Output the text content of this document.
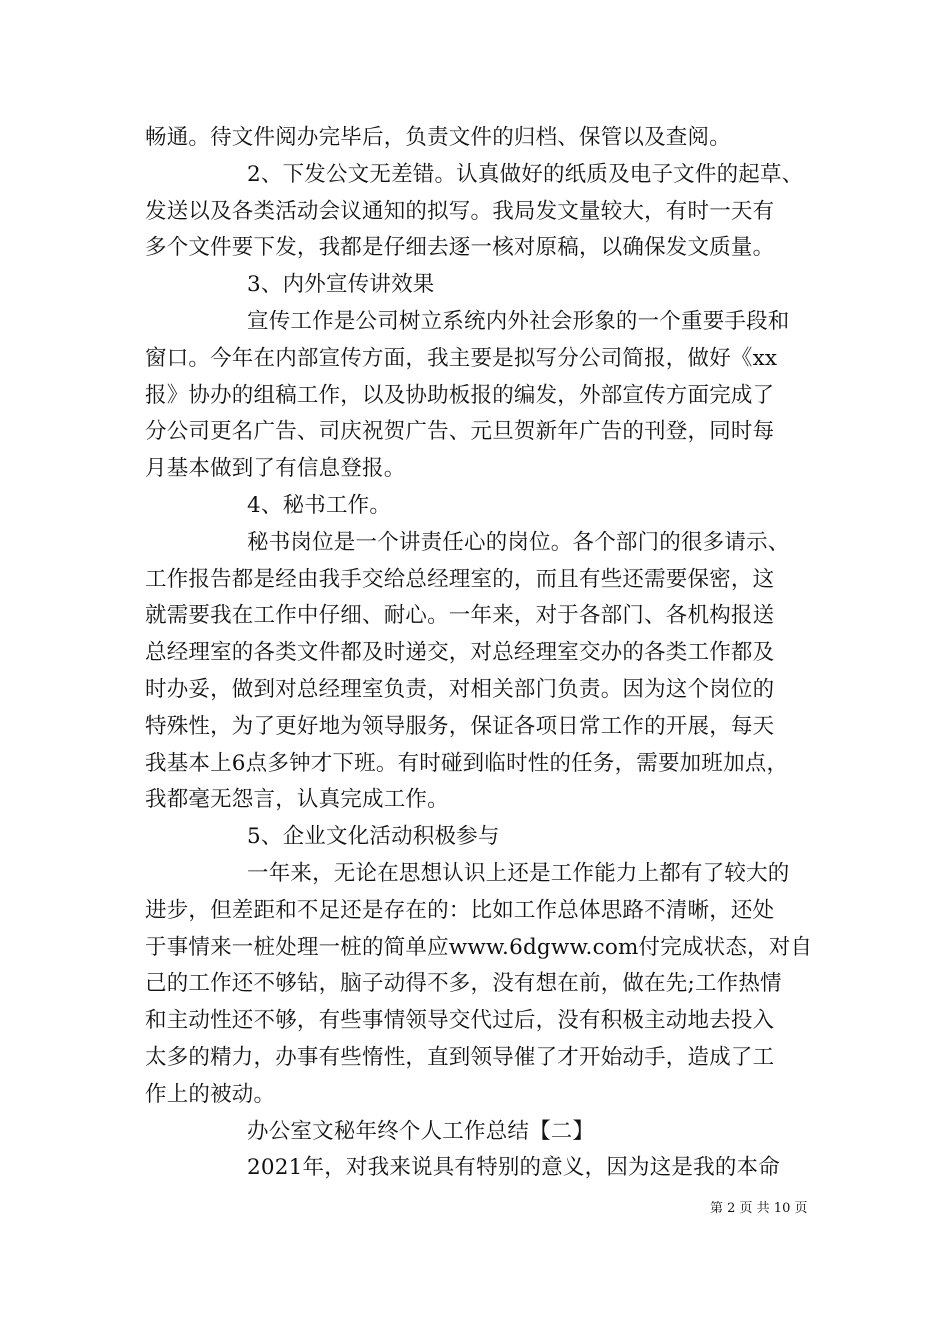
畅通。待文件阅办完毕后，负责文件的归档、保管以及查阅。
2、下发公文无差错。认真做好的纸质及电子文件的起草、
发送以及各类活动会议通知的拟写。我局发文量较大，有时一天有
多个文件要下发，我都是仔细去逐一核对原稿，以确保发文质量。
3、内外宣传讲效果
宣传工作是公司树立系统内外社会形象的一个重要手段和
窗口。今年在内部宣传方面，我主要是拟写分公司简报，做好《xx
报》协办的组稿工作，以及协助板报的编发，外部宣传方面完成了
分公司更名广告、司庆祝贺广告、元旦贺新年广告的刊登，同时每
月基本做到了有信息登报。
4、秘书工作。
秘书岗位是一个讲责任心的岗位。各个部门的很多请示、
工作报告都是经由我手交给总经理室的，而且有些还需要保密，这
就需要我在工作中仔细、耐心。一年来，对于各部门、各机构报送
总经理室的各类文件都及时递交，对总经理室交办的各类工作都及
时办妥，做到对总经理室负责，对相关部门负责。因为这个岗位的
特殊性，为了更好地为领导服务，保证各项日常工作的开展，每天
我基本上6点多钟才下班。有时碰到临时性的任务，需要加班加点，
我都毫无怨言，认真完成工作。
5、企业文化活动积极参与
一年来，无论在思想认识上还是工作能力上都有了较大的
进步，但差距和不足还是存在的：比如工作总体思路不清晰，还处
于事情来一桩处理一桩的简单应www.6dgww.com付完成状态，对自
己的工作还不够钻，脑子动得不多，没有想在前，做在先;工作热情
和主动性还不够，有些事情领导交代过后，没有积极主动地去投入
太多的精力，办事有些惰性，直到领导催了才开始动手，造成了工
作上的被动。
办公室文秘年终个人工作总结【二】
2021年，对我来说具有特别的意义，因为这是我的本命
第 2 页 共 10 页
